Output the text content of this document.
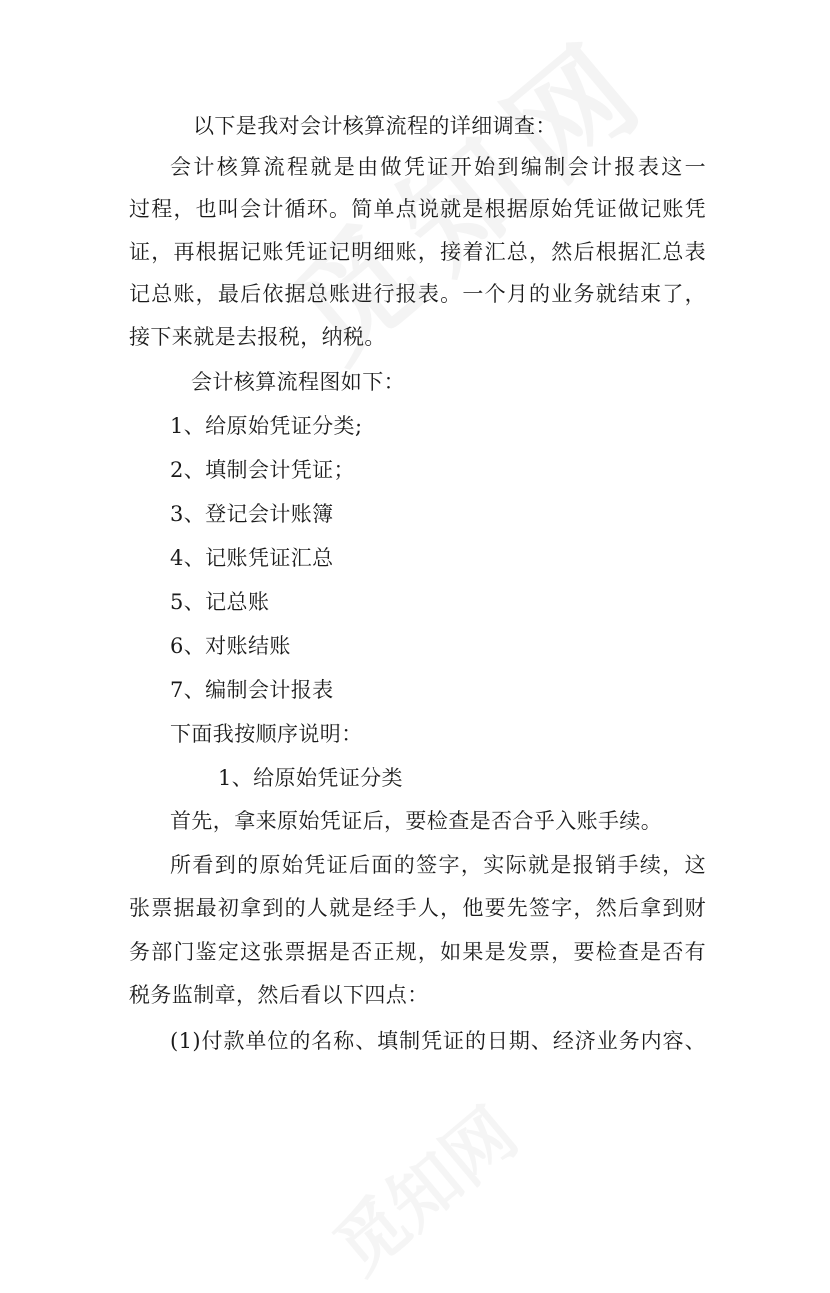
以下是我对会计核算流程的详细调查：
会计核算流程就是由做凭证开始到编制会计报表这一
过程，也叫会计循环。简单点说就是根据原始凭证做记账凭
证，再根据记账凭证记明细账，接着汇总，然后根据汇总表
记总账，最后依据总账进行报表。一个月的业务就结束了，
接下来就是去报税，纳税。
会计核算流程图如下：
1、给原始凭证分类;
2、填制会计凭证；
3、登记会计账簿
4、记账凭证汇总
5、记总账
6、对账结账
7、编制会计报表
下面我按顺序说明：
1、给原始凭证分类
首先，拿来原始凭证后，要检查是否合乎入账手续。
所看到的原始凭证后面的签字，实际就是报销手续，这
张票据最初拿到的人就是经手人，他要先签字，然后拿到财
务部门鉴定这张票据是否正规，如果是发票，要检查是否有
税务监制章，然后看以下四点：
(1)付款单位的名称、填制凭证的日期、经济业务内容、
